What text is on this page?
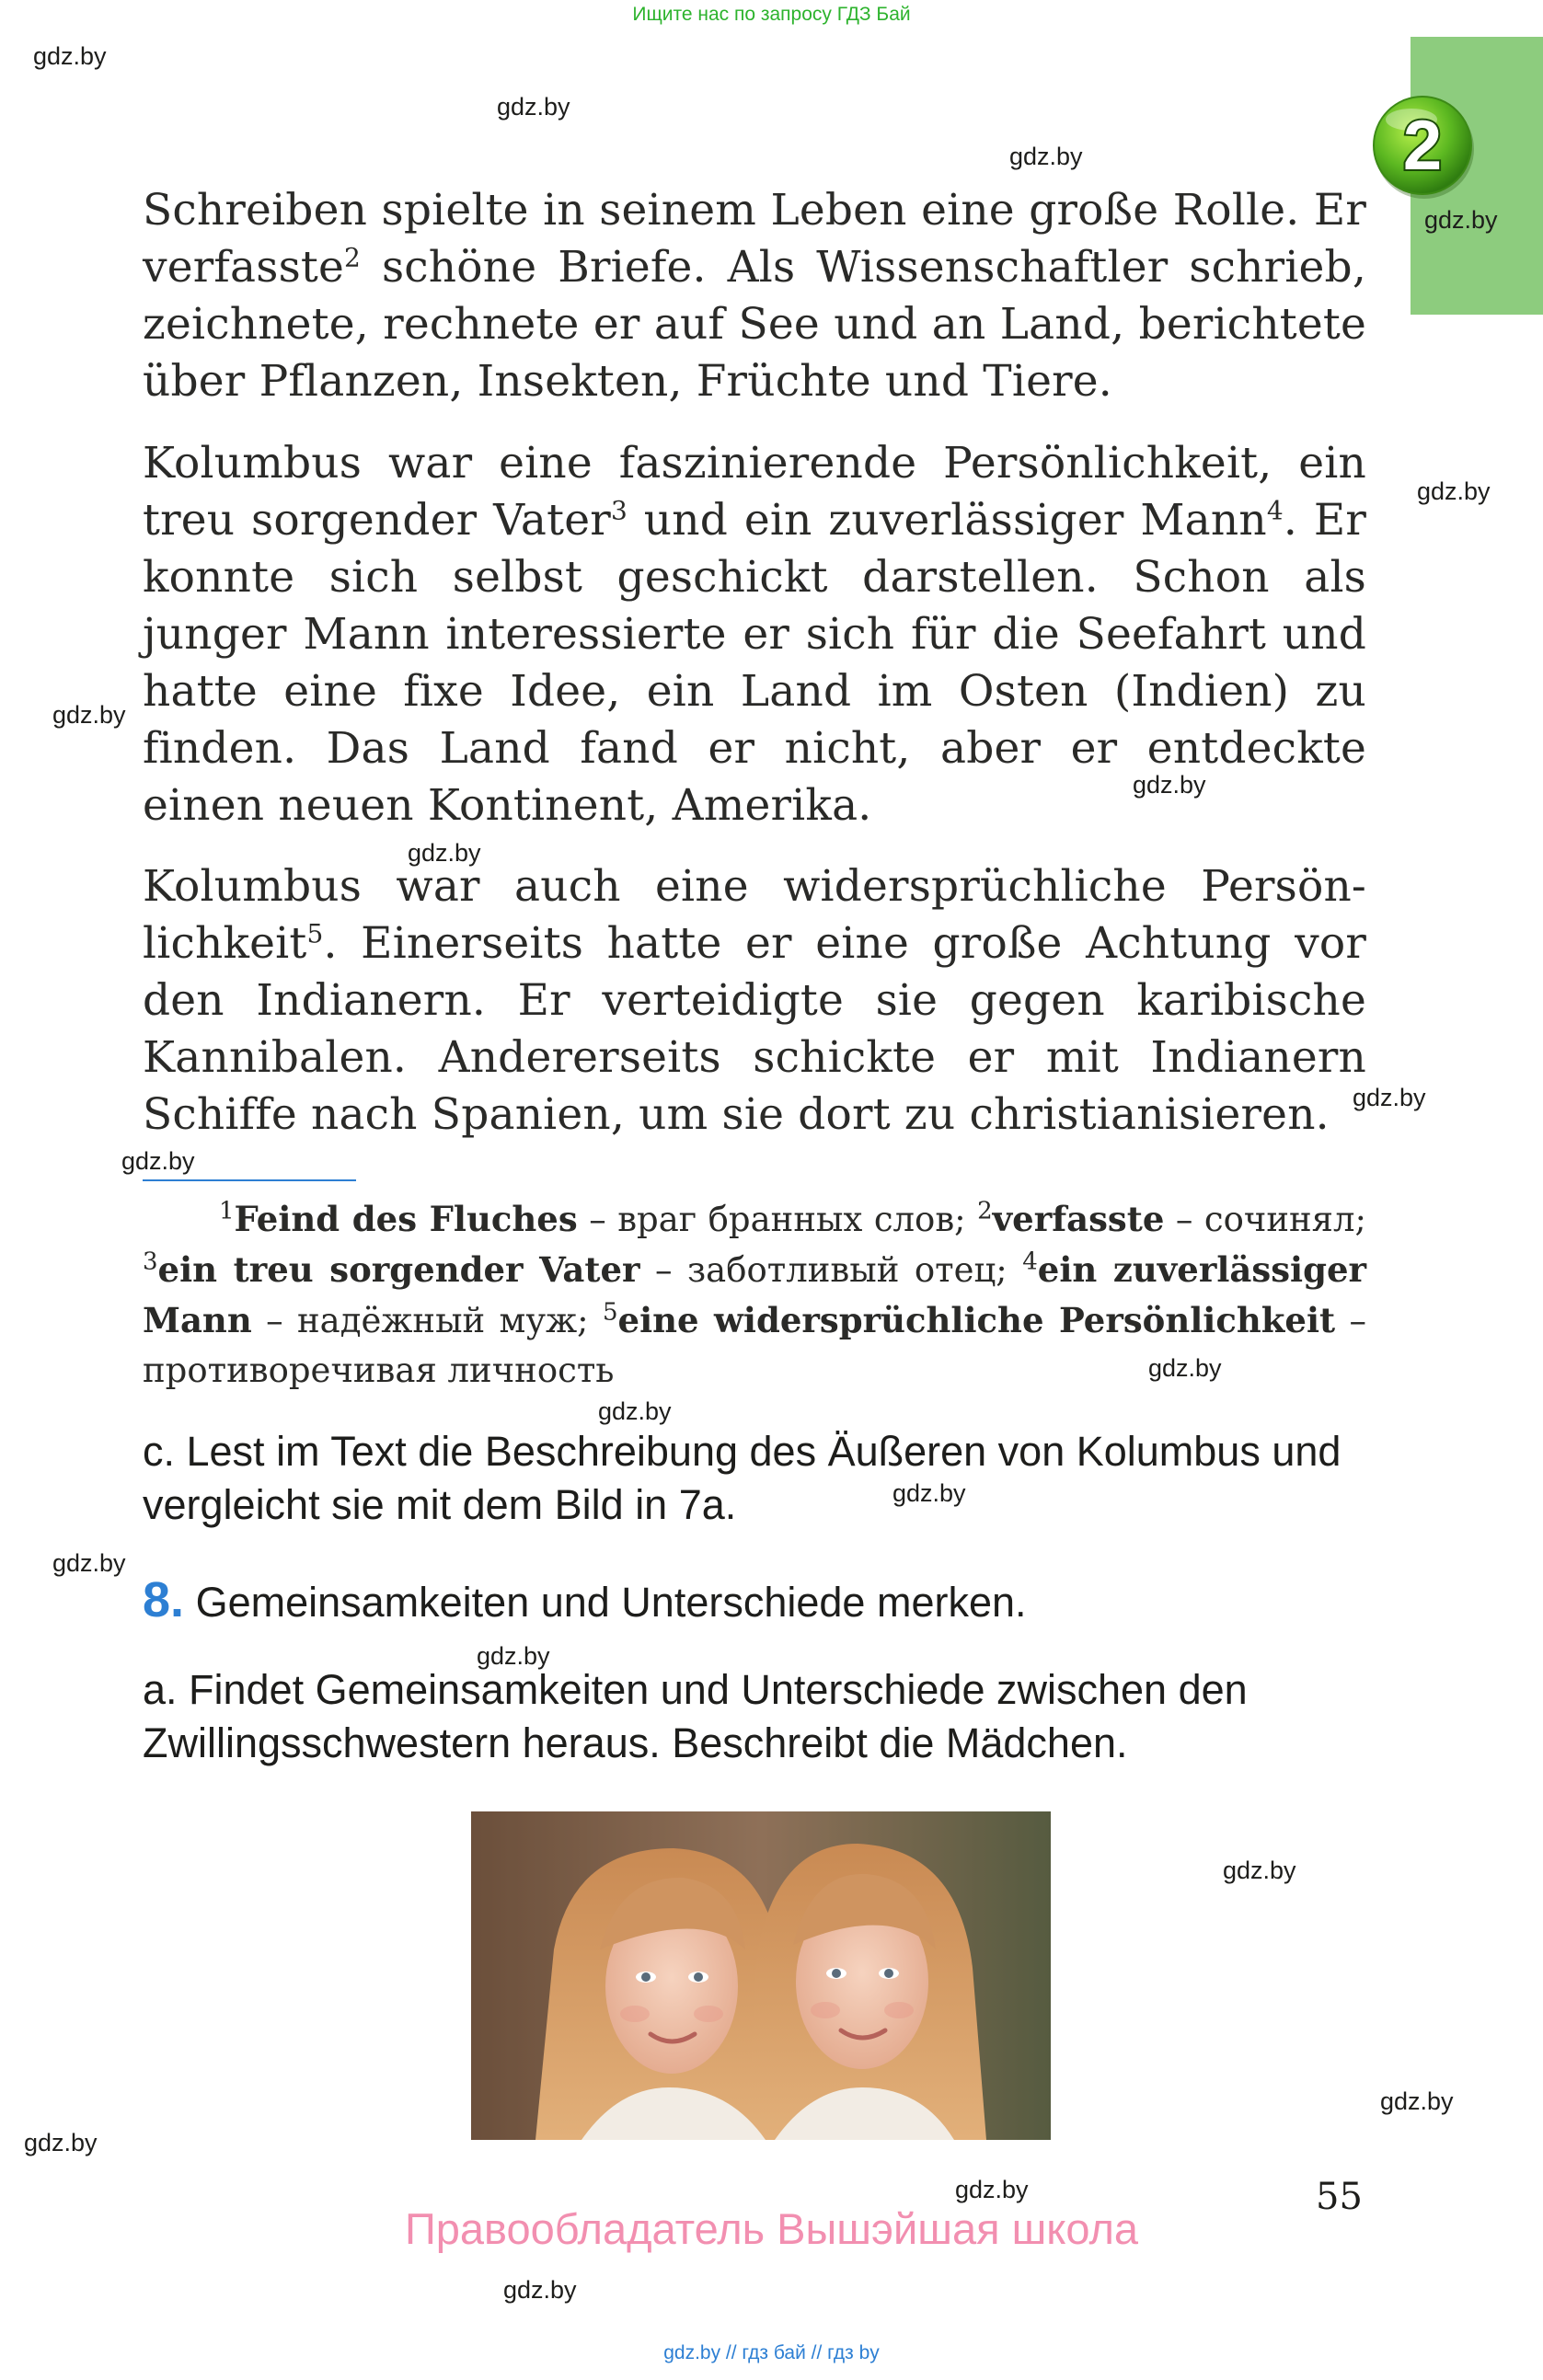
Ищите нас по запросу ГДЗ Бай
2
gdz.by
gdz.by
gdz.by
gdz.by
gdz.by
gdz.by
gdz.by
gdz.by
gdz.by
gdz.by
gdz.by
gdz.by
gdz.by
gdz.by
gdz.by
gdz.by
gdz.by
gdz.by
gdz.by
gdz.by
Schreiben spielte in seinem Leben eine große Rolle. Er verfasste$^2$ schöne Briefe. Als Wissenschaftler schrieb, zeichnete, rechnete er auf See und an Land, berichtete über Pflanzen, Insekten, Früchte und Tiere.
Kolumbus war eine faszinierende Persönlichkeit, ein treu sorgender Vater$^3$ und ein zuverlässiger Mann$^4$. Er konnte sich selbst geschickt darstellen. Schon als junger Mann interessierte er sich für die Seefahrt und hatte eine fixe Idee, ein Land im Osten (Indien) zu finden. Das Land fand er nicht, aber er entdeckte einen neuen Kontinent, Amerika.
Kolumbus war auch eine widersprüchliche Persön-lichkeit$^5$. Einerseits hatte er eine große Achtung vor den Indianern. Er verteidigte sie gegen karibische Kannibalen. Andererseits schickte er mit Indianern Schiffe nach Spanien, um sie dort zu christianisieren.
$^1$Feind des Fluches – враг бранных слов; $^2$verfasste – сочинял; $^3$ein treu sorgender Vater – заботливый отец; $^4$ein zuverlässiger Mann – надёжный муж; $^5$eine widersprüchliche Persönlichkeit – противоречивая личность
c. Lest im Text die Beschreibung des Äußeren von Kolumbus und vergleicht sie mit dem Bild in 7a.
8. Gemeinsamkeiten und Unterschiede merken.
a. Findet Gemeinsamkeiten und Unterschiede zwischen den Zwillingsschwestern heraus. Beschreibt die Mädchen.
55
Правообладатель Вышэйшая школа
gdz.by // гдз бай // гдз by
